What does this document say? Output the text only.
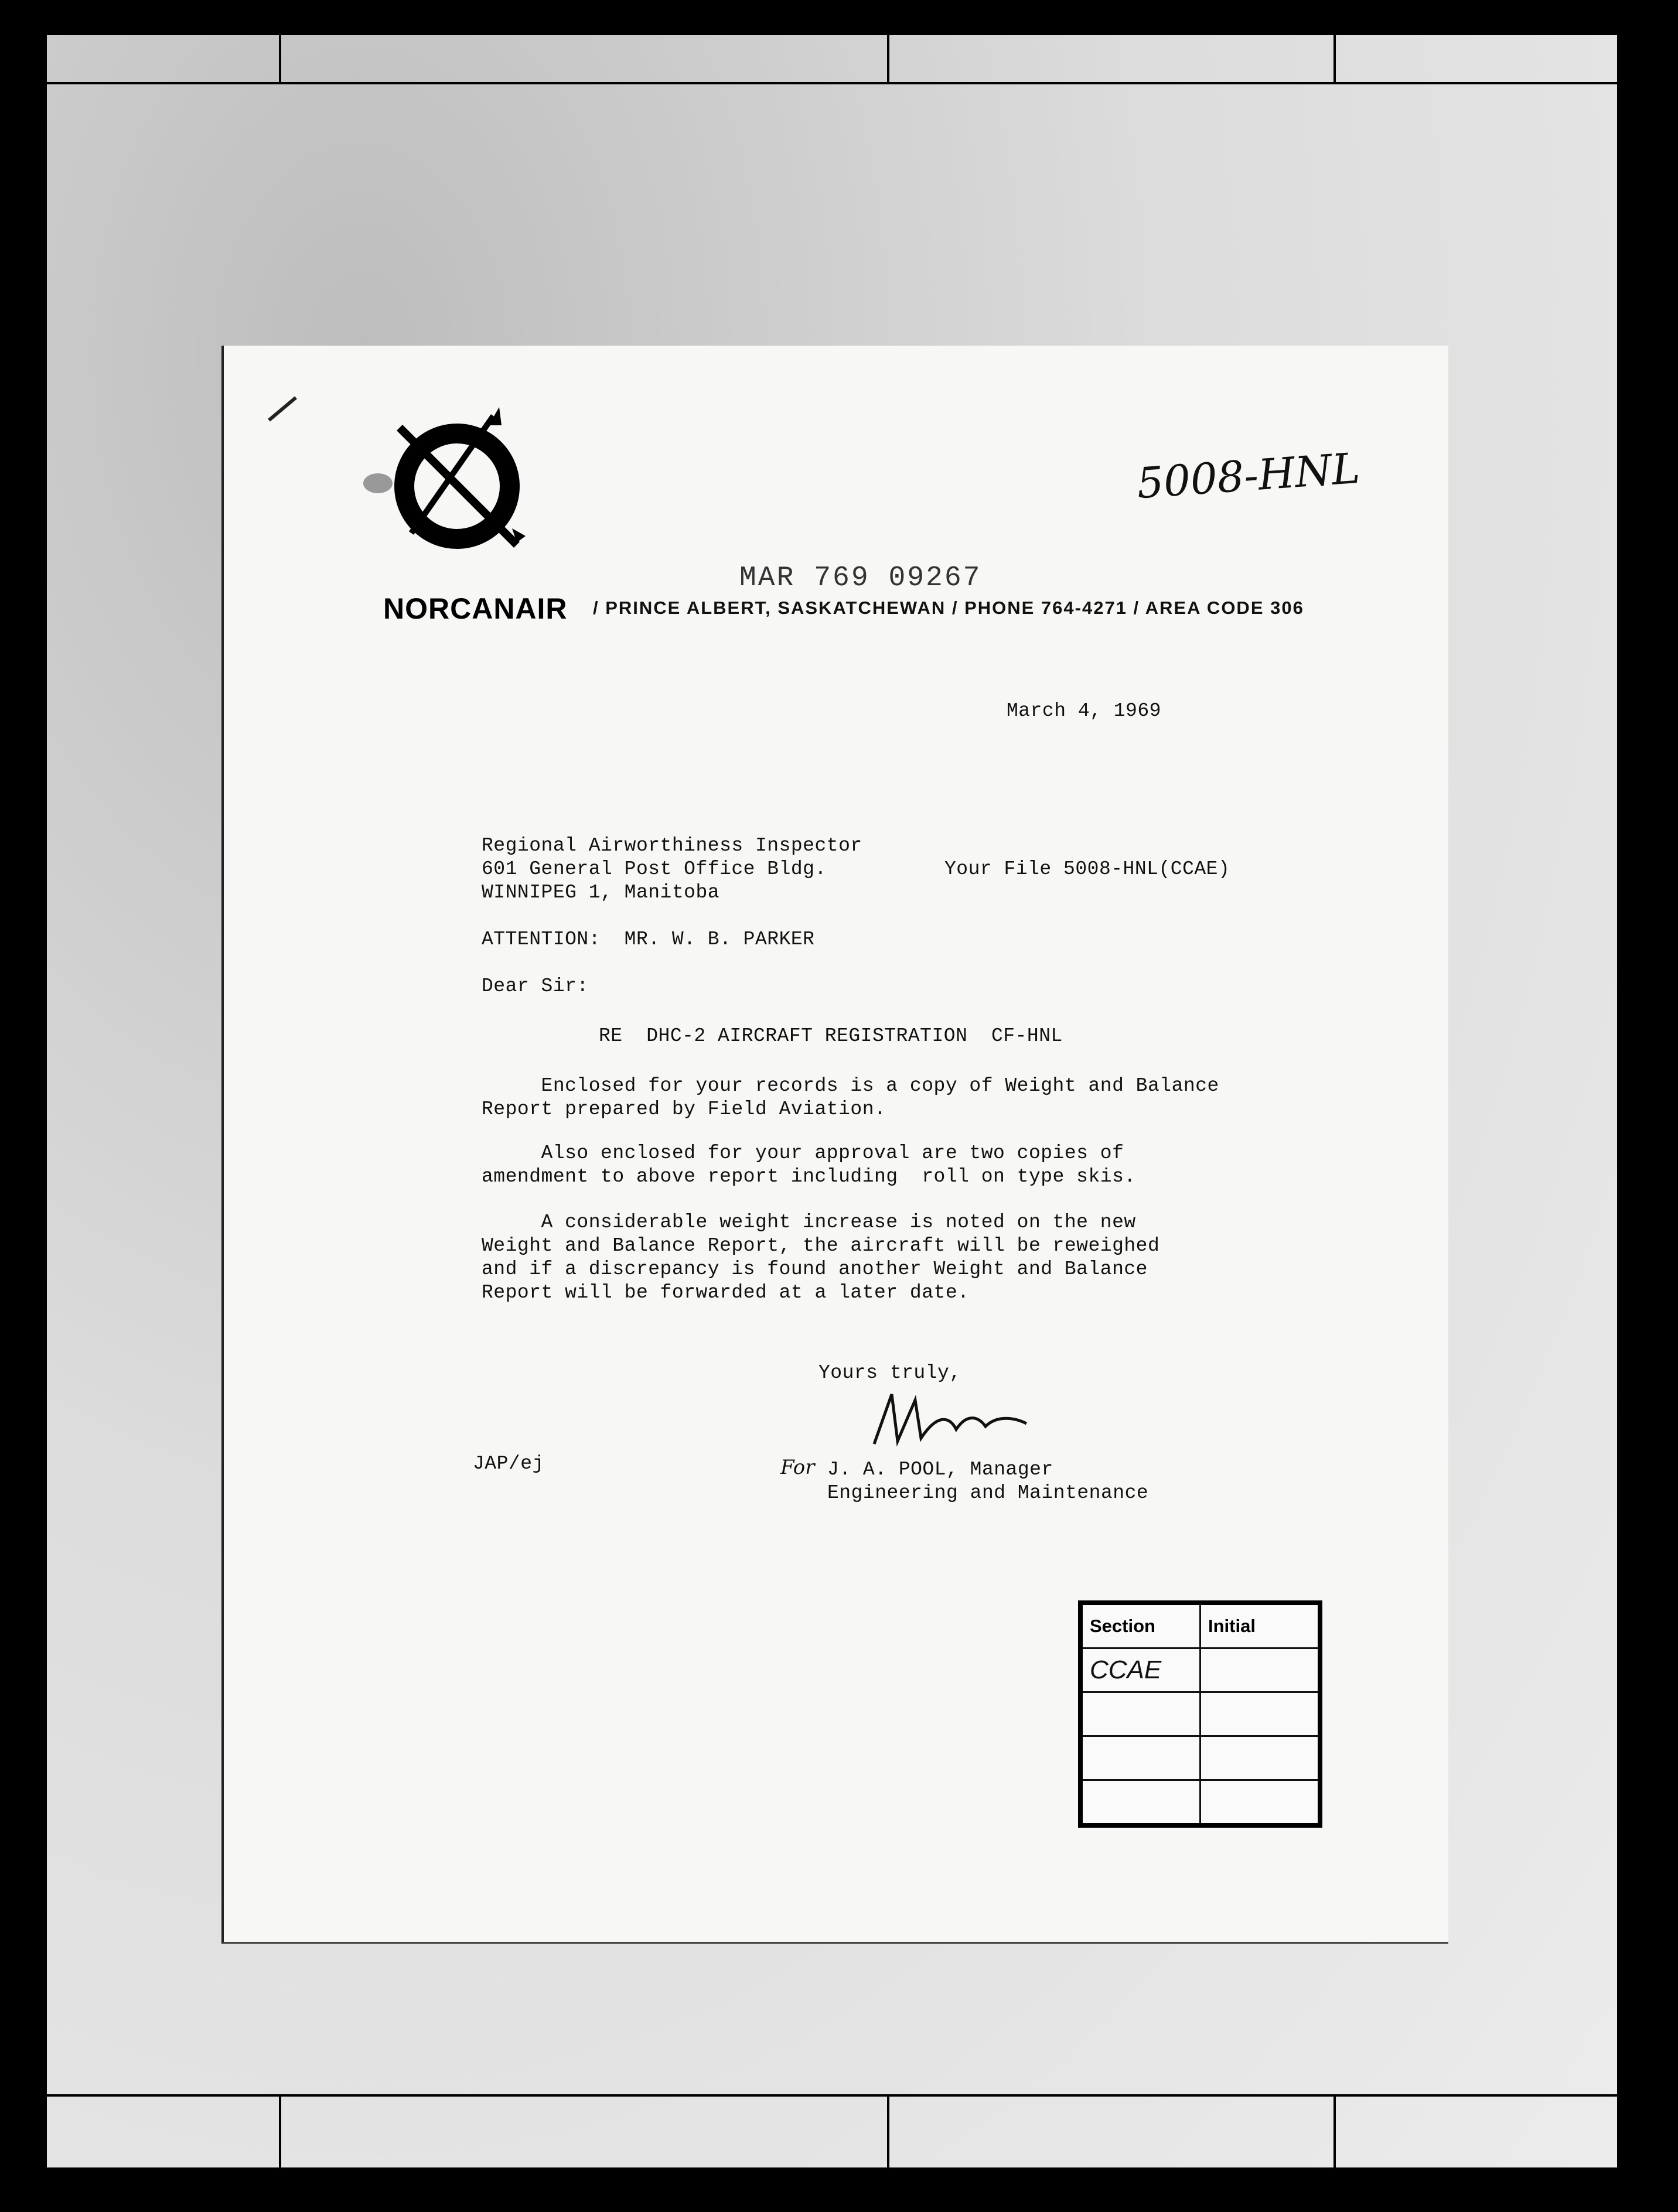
NORCANAIR / PRINCE ALBERT, SASKATCHEWAN / PHONE 764-4271 / AREA CODE 306
MAR 769 09267
5008-HNL
March 4, 1969
Regional Airworthiness Inspector
601 General Post Office Bldg.
WINNIPEG 1, Manitoba
Your File 5008-HNL(CCAE)
ATTENTION:  MR. W. B. PARKER
Dear Sir:
RE  DHC-2 AIRCRAFT REGISTRATION  CF-HNL
Enclosed for your records is a copy of Weight and Balance
Report prepared by Field Aviation.
Also enclosed for your approval are two copies of
amendment to above report including  roll on type skis.
A considerable weight increase is noted on the new
Weight and Balance Report, the aircraft will be reweighed
and if a discrepancy is found another Weight and Balance
Report will be forwarded at a later date.
Yours truly,
JAP/ej	For J. A. POOL, Manager
Engineering and Maintenance
Section	Initial
CCAE	
